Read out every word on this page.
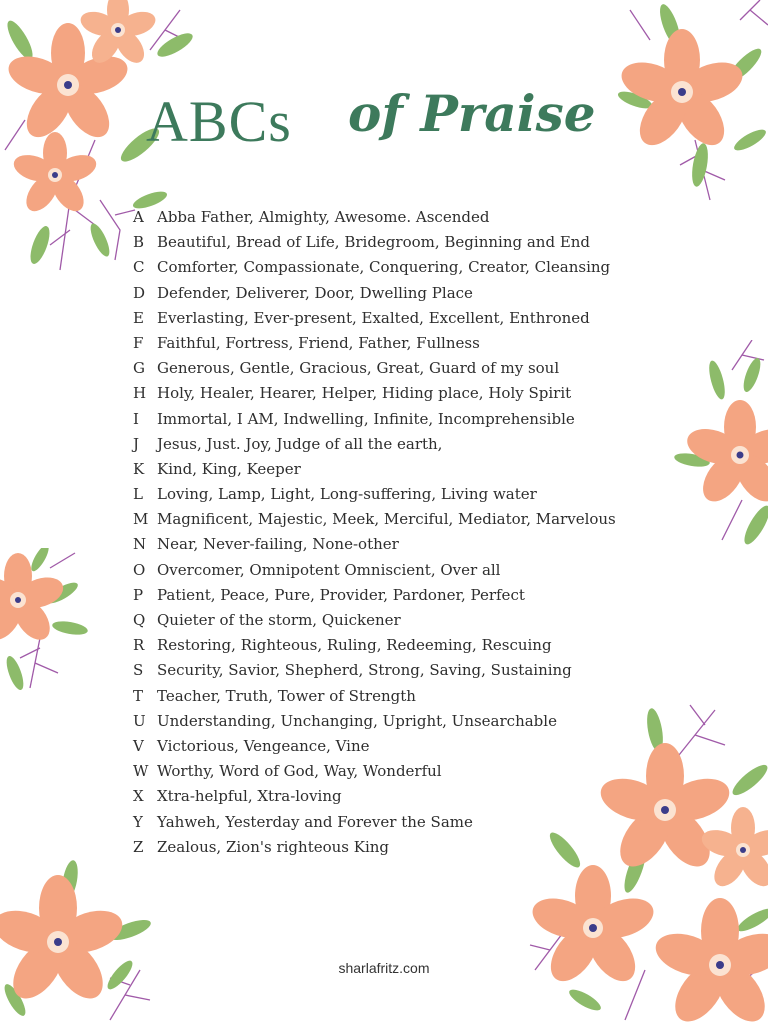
ABCs of Praise
A Abba Father, Almighty, Awesome. Ascended
B Beautiful, Bread of Life, Bridegroom, Beginning and End
C Comforter, Compassionate, Conquering, Creator, Cleansing
D Defender, Deliverer, Door, Dwelling Place
E Everlasting, Ever-present, Exalted, Excellent, Enthroned
F Faithful, Fortress, Friend, Father, Fullness
G Generous, Gentle, Gracious, Great, Guard of my soul
H Holy, Healer, Hearer, Helper, Hiding place, Holy Spirit
I	Immortal, I AM, Indwelling, Infinite, Incomprehensible
J	Jesus, Just. Joy, Judge of all the earth,
K Kind, King, Keeper
L Loving, Lamp, Light, Long-suffering, Living water
M Magnificent, Majestic, Meek, Merciful, Mediator, Marvelous
N Near, Never-failing, None-other
O Overcomer, Omnipotent Omniscient, Over all
P Patient, Peace, Pure, Provider, Pardoner, Perfect
Q Quieter of the storm, Quickener
R Restoring, Righteous, Ruling, Redeeming, Rescuing
S Security, Savior, Shepherd, Strong, Saving, Sustaining
T Teacher, Truth, Tower of Strength
U Understanding, Unchanging, Upright, Unsearchable
V Victorious, Vengeance, Vine
W Worthy, Word of God, Way, Wonderful
X Xtra-helpful, Xtra-loving
Y Yahweh, Yesterday and Forever the Same
Z Zealous, Zion's righteous King
sharlafritz.com
